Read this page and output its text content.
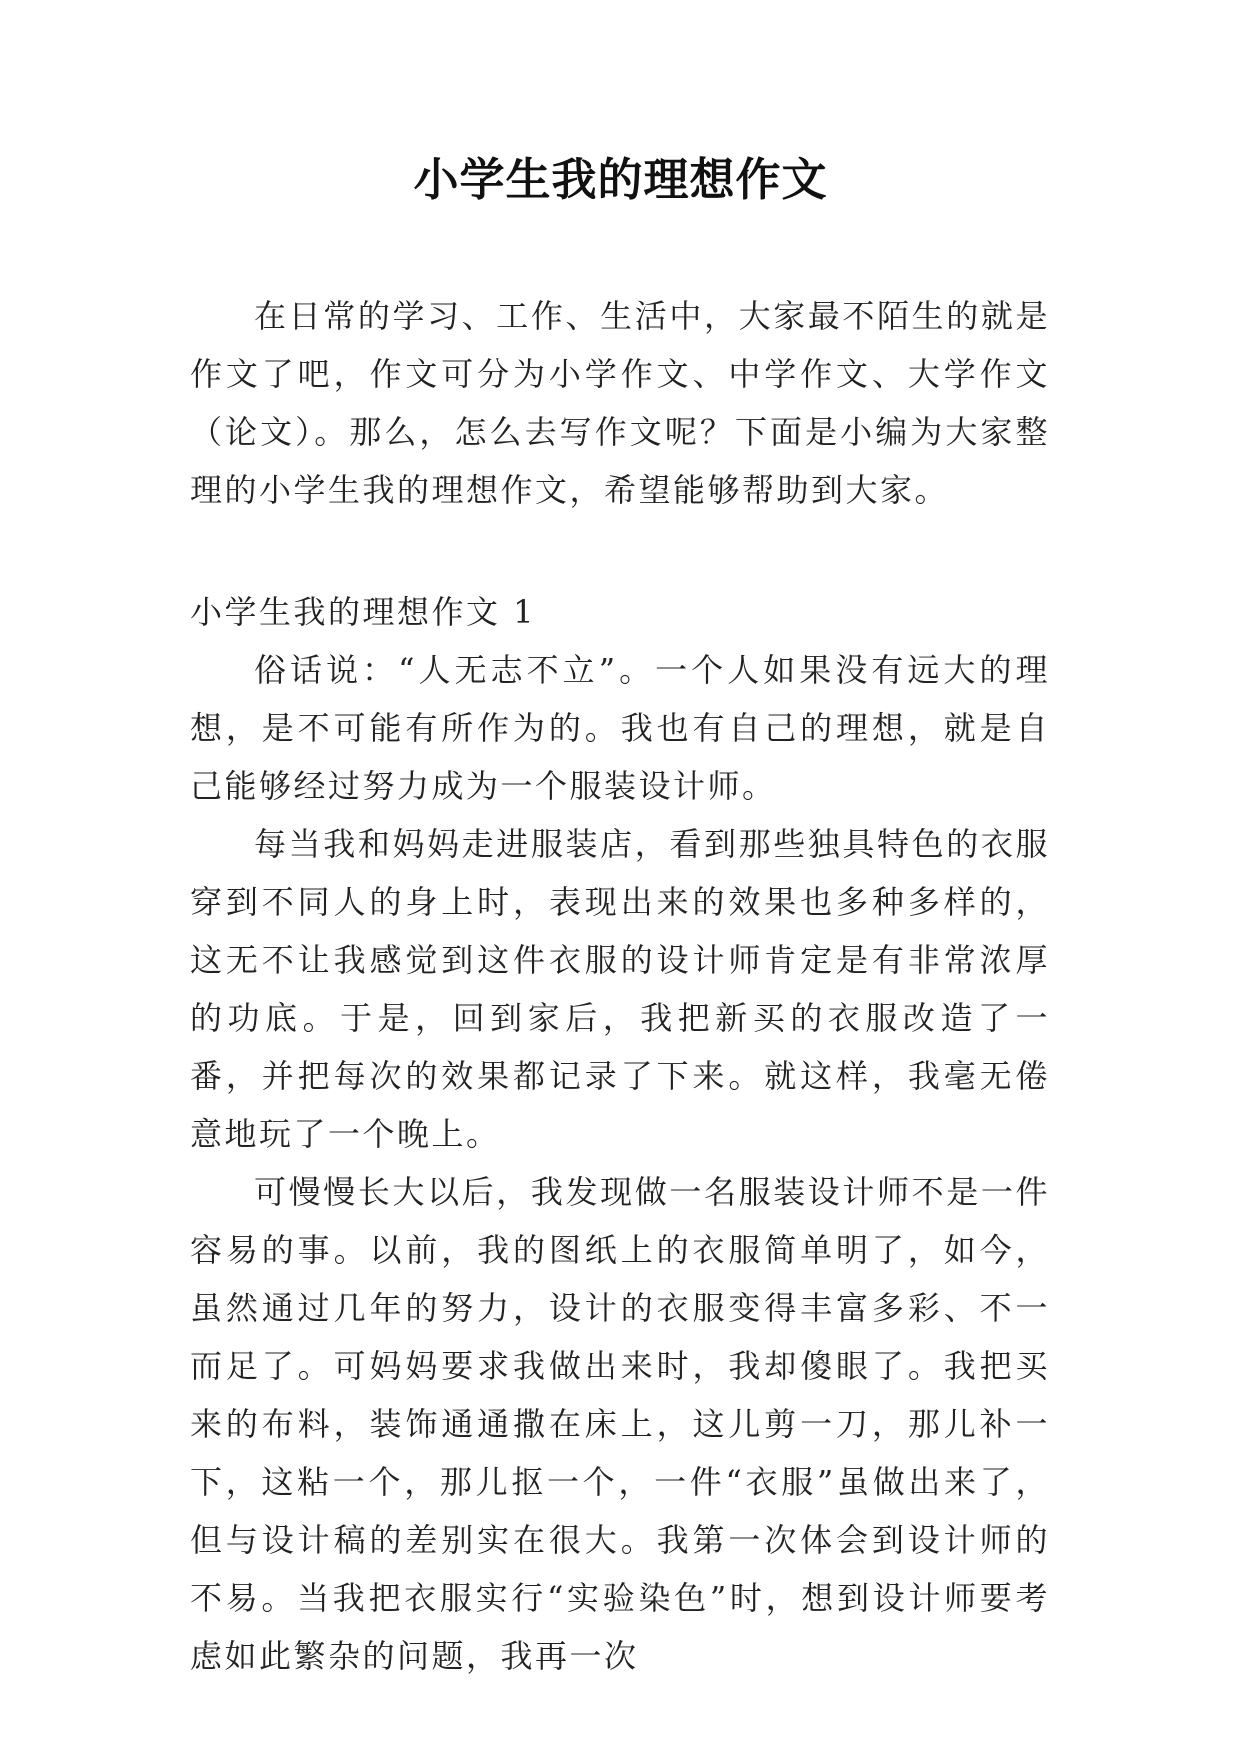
小学生我的理想作文

在日常的学习、工作、生活中，大家最不陌生的就是作文了吧，作文可分为小学作文、中学作文、大学作文（论文）。那么，怎么去写作文呢？下面是小编为大家整理的小学生我的理想作文，希望能够帮助到大家。

小学生我的理想作文 1

俗话说：“人无志不立”。一个人如果没有远大的理想，是不可能有所作为的。我也有自己的理想，就是自己能够经过努力成为一个服装设计师。

每当我和妈妈走进服装店，看到那些独具特色的衣服穿到不同人的身上时，表现出来的效果也多种多样的，这无不让我感觉到这件衣服的设计师肯定是有非常浓厚的功底。于是，回到家后，我把新买的衣服改造了一番，并把每次的效果都记录了下来。就这样，我毫无倦意地玩了一个晚上。

可慢慢长大以后，我发现做一名服装设计师不是一件容易的事。以前，我的图纸上的衣服简单明了，如今，虽然通过几年的努力，设计的衣服变得丰富多彩、不一而足了。可妈妈要求我做出来时，我却傻眼了。我把买来的布料，装饰通通撒在床上，这儿剪一刀，那儿补一下，这粘一个，那儿抠一个，一件“衣服”虽做出来了，但与设计稿的差别实在很大。我第一次体会到设计师的不易。当我把衣服实行“实验染色”时，想到设计师要考虑如此繁杂的问题，我再一次
